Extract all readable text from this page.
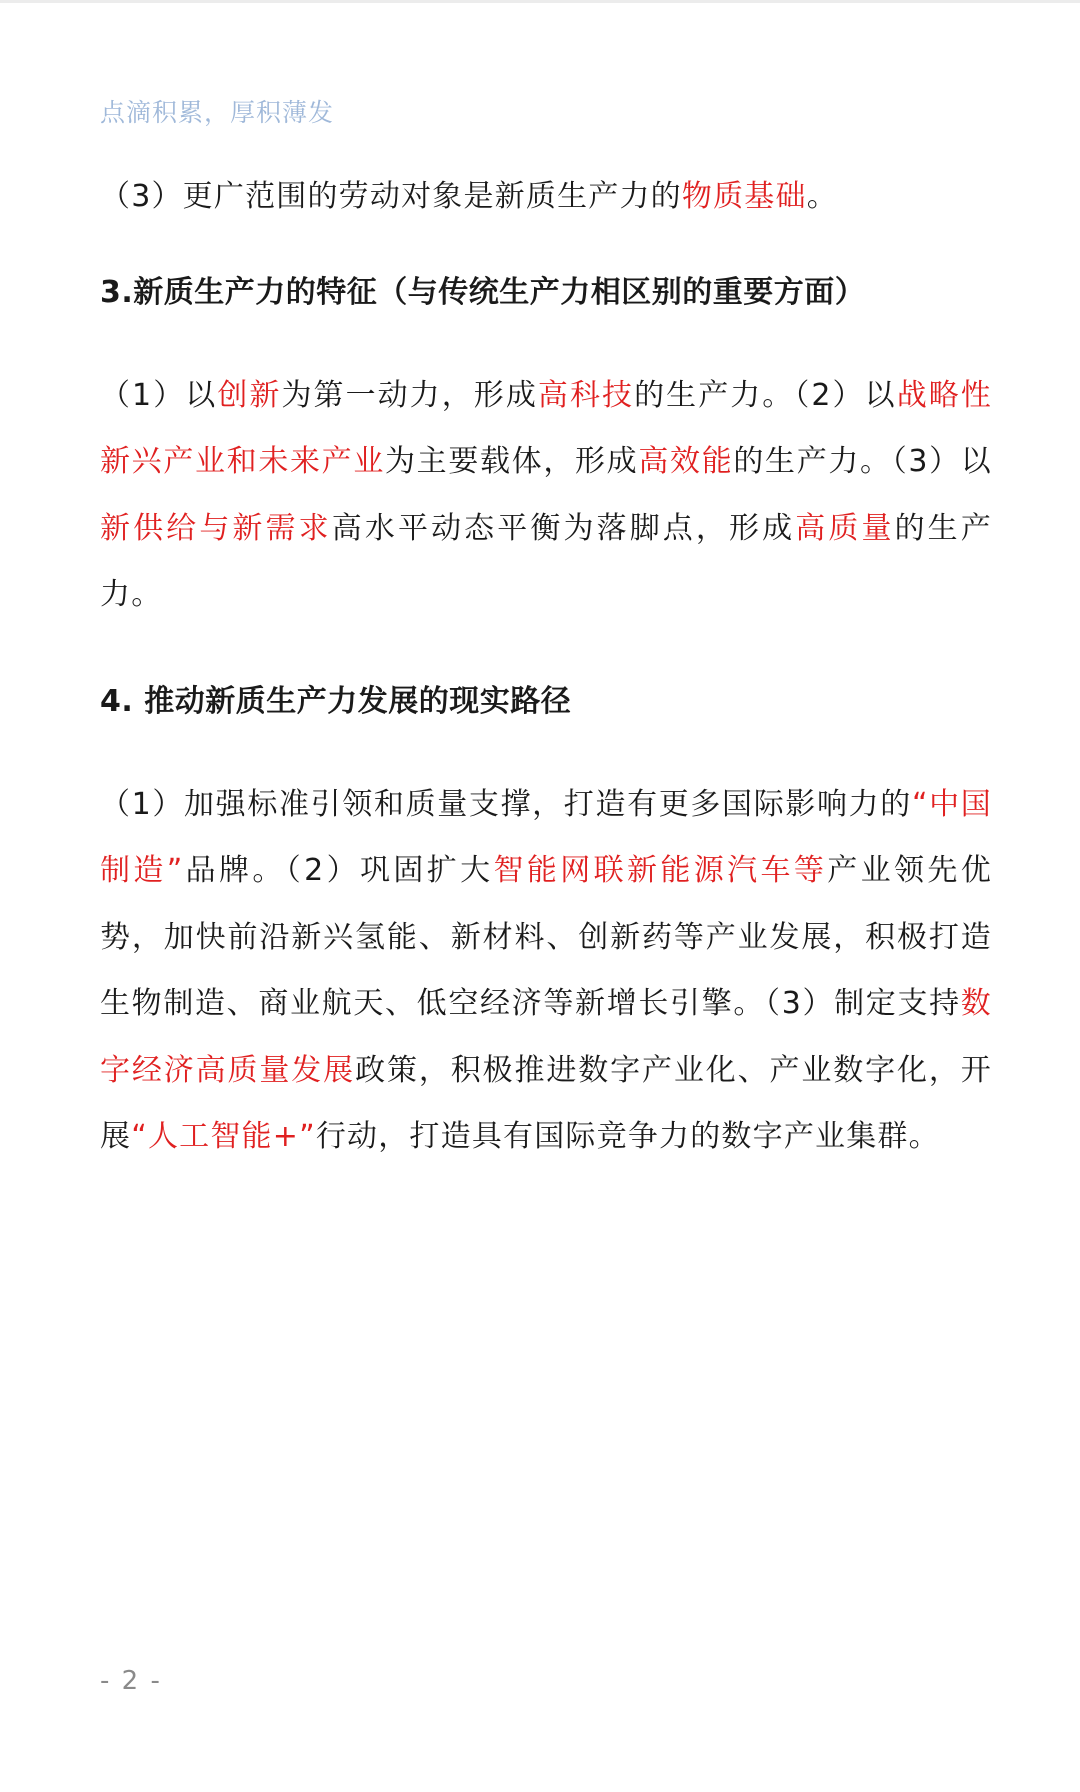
点滴积累，厚积薄发

（3）更广范围的劳动对象是新质生产力的物质基础。

3.新质生产力的特征（与传统生产力相区别的重要方面）

（1）以创新为第一动力，形成高科技的生产力。（2）以战略性新兴产业和未来产业为主要载体，形成高效能的生产力。（3）以新供给与新需求高水平动态平衡为落脚点，形成高质量的生产力。

4. 推动新质生产力发展的现实路径

（1）加强标准引领和质量支撑，打造有更多国际影响力的“中国制造”品牌。（2）巩固扩大智能网联新能源汽车等产业领先优势，加快前沿新兴氢能、新材料、创新药等产业发展，积极打造生物制造、商业航天、低空经济等新增长引擎。（3）制定支持数字经济高质量发展政策，积极推进数字产业化、产业数字化，开展“人工智能+”行动，打造具有国际竞争力的数字产业集群。

- 2 -
